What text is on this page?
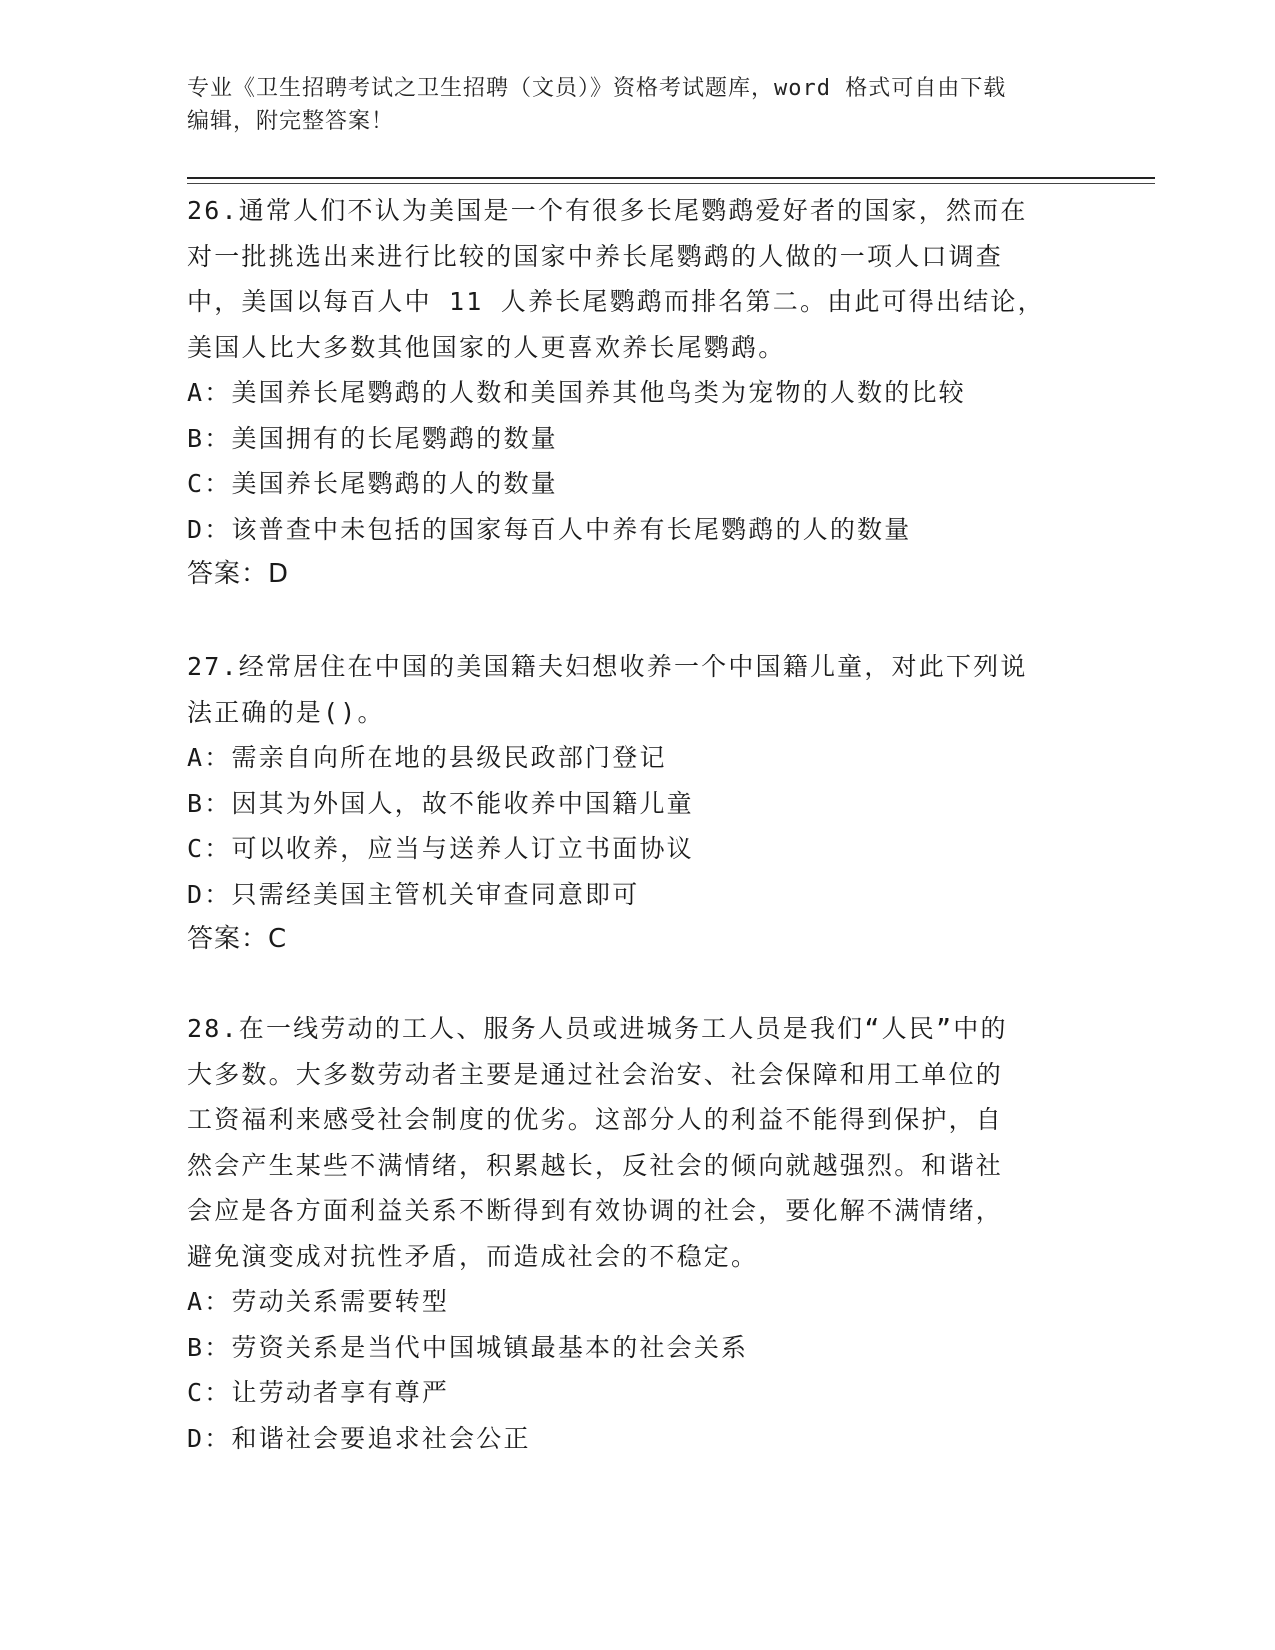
专业《卫生招聘考试之卫生招聘（文员）》资格考试题库，word 格式可自由下载
编辑，附完整答案！

26.通常人们不认为美国是一个有很多长尾鹦鹉爱好者的国家，然而在

对一批挑选出来进行比较的国家中养长尾鹦鹉的人做的一项人口调查

中，美国以每百人中 11 人养长尾鹦鹉而排名第二。由此可得出结论，

美国人比大多数其他国家的人更喜欢养长尾鹦鹉。

A：美国养长尾鹦鹉的人数和美国养其他鸟类为宠物的人数的比较

B：美国拥有的长尾鹦鹉的数量

C：美国养长尾鹦鹉的人的数量

D：该普查中未包括的国家每百人中养有长尾鹦鹉的人的数量

答案：D

27.经常居住在中国的美国籍夫妇想收养一个中国籍儿童，对此下列说

法正确的是()。

A：需亲自向所在地的县级民政部门登记

B：因其为外国人，故不能收养中国籍儿童

C：可以收养，应当与送养人订立书面协议

D：只需经美国主管机关审查同意即可

答案：C

28.在一线劳动的工人、服务人员或进城务工人员是我们“人民”中的

大多数。大多数劳动者主要是通过社会治安、社会保障和用工单位的

工资福利来感受社会制度的优劣。这部分人的利益不能得到保护，自

然会产生某些不满情绪，积累越长，反社会的倾向就越强烈。和谐社

会应是各方面利益关系不断得到有效协调的社会，要化解不满情绪，

避免演变成对抗性矛盾，而造成社会的不稳定。

A：劳动关系需要转型

B：劳资关系是当代中国城镇最基本的社会关系

C：让劳动者享有尊严

D：和谐社会要追求社会公正
